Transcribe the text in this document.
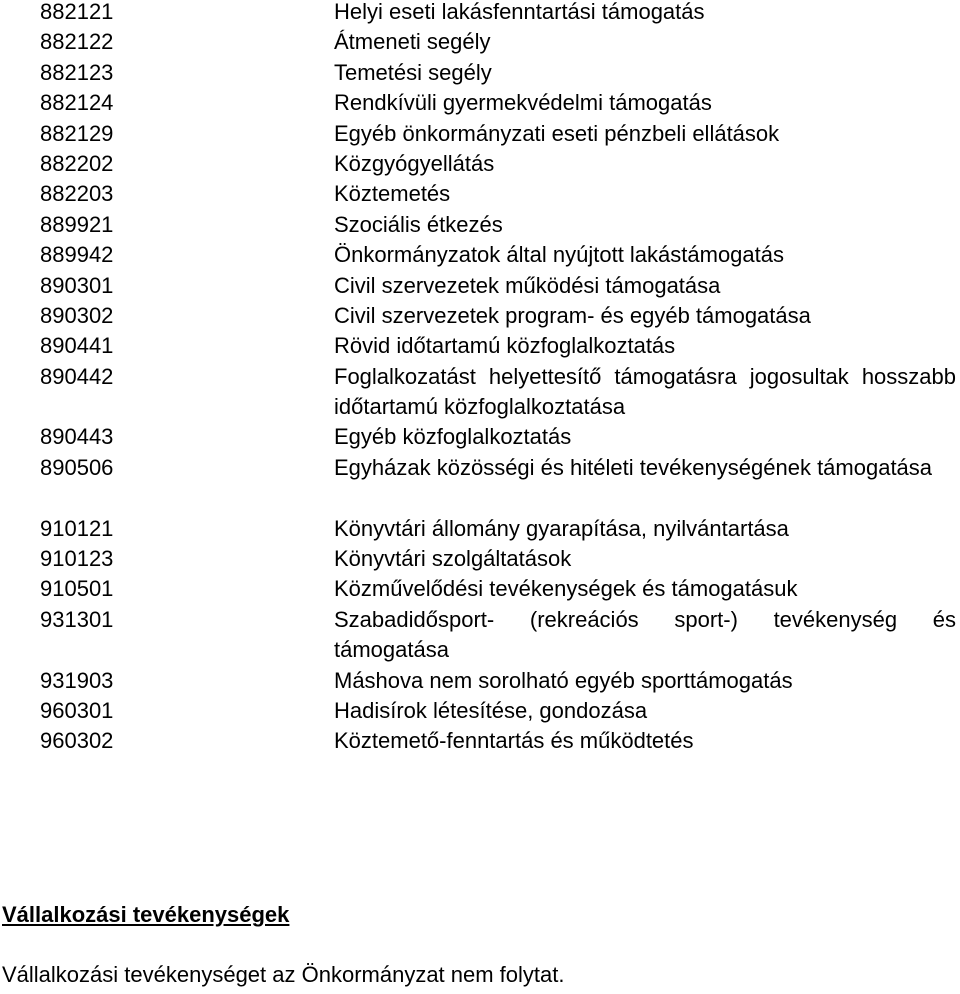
882121	Helyi eseti lakásfenntartási támogatás
882122	Átmeneti segély
882123	Temetési segély
882124	Rendkívüli gyermekvédelmi támogatás
882129	Egyéb önkormányzati eseti pénzbeli ellátások
882202	Közgyógyellátás
882203	Köztemetés
889921	Szociális étkezés
889942	Önkormányzatok által nyújtott lakástámogatás
890301	Civil szervezetek működési támogatása
890302	Civil szervezetek program- és egyéb támogatása
890441	Rövid időtartamú közfoglalkoztatás
890442	Foglalkozatást helyettesítő támogatásra jogosultak hosszabb időtartamú közfoglalkoztatása
890443	Egyéb közfoglalkoztatás
890506	Egyházak közösségi és hitéleti tevékenységének támogatása
910121	Könyvtári állomány gyarapítása, nyilvántartása
910123	Könyvtári szolgáltatások
910501	Közművelődési tevékenységek és támogatásuk
931301	Szabadidősport- (rekreációs sport-) tevékenység és támogatása
931903	Máshova nem sorolható egyéb sporttámogatás
960301	Hadisírok létesítése, gondozása
960302	Köztemető-fenntartás és működtetés
Vállalkozási tevékenységek
Vállalkozási tevékenységet az Önkormányzat nem folytat.
